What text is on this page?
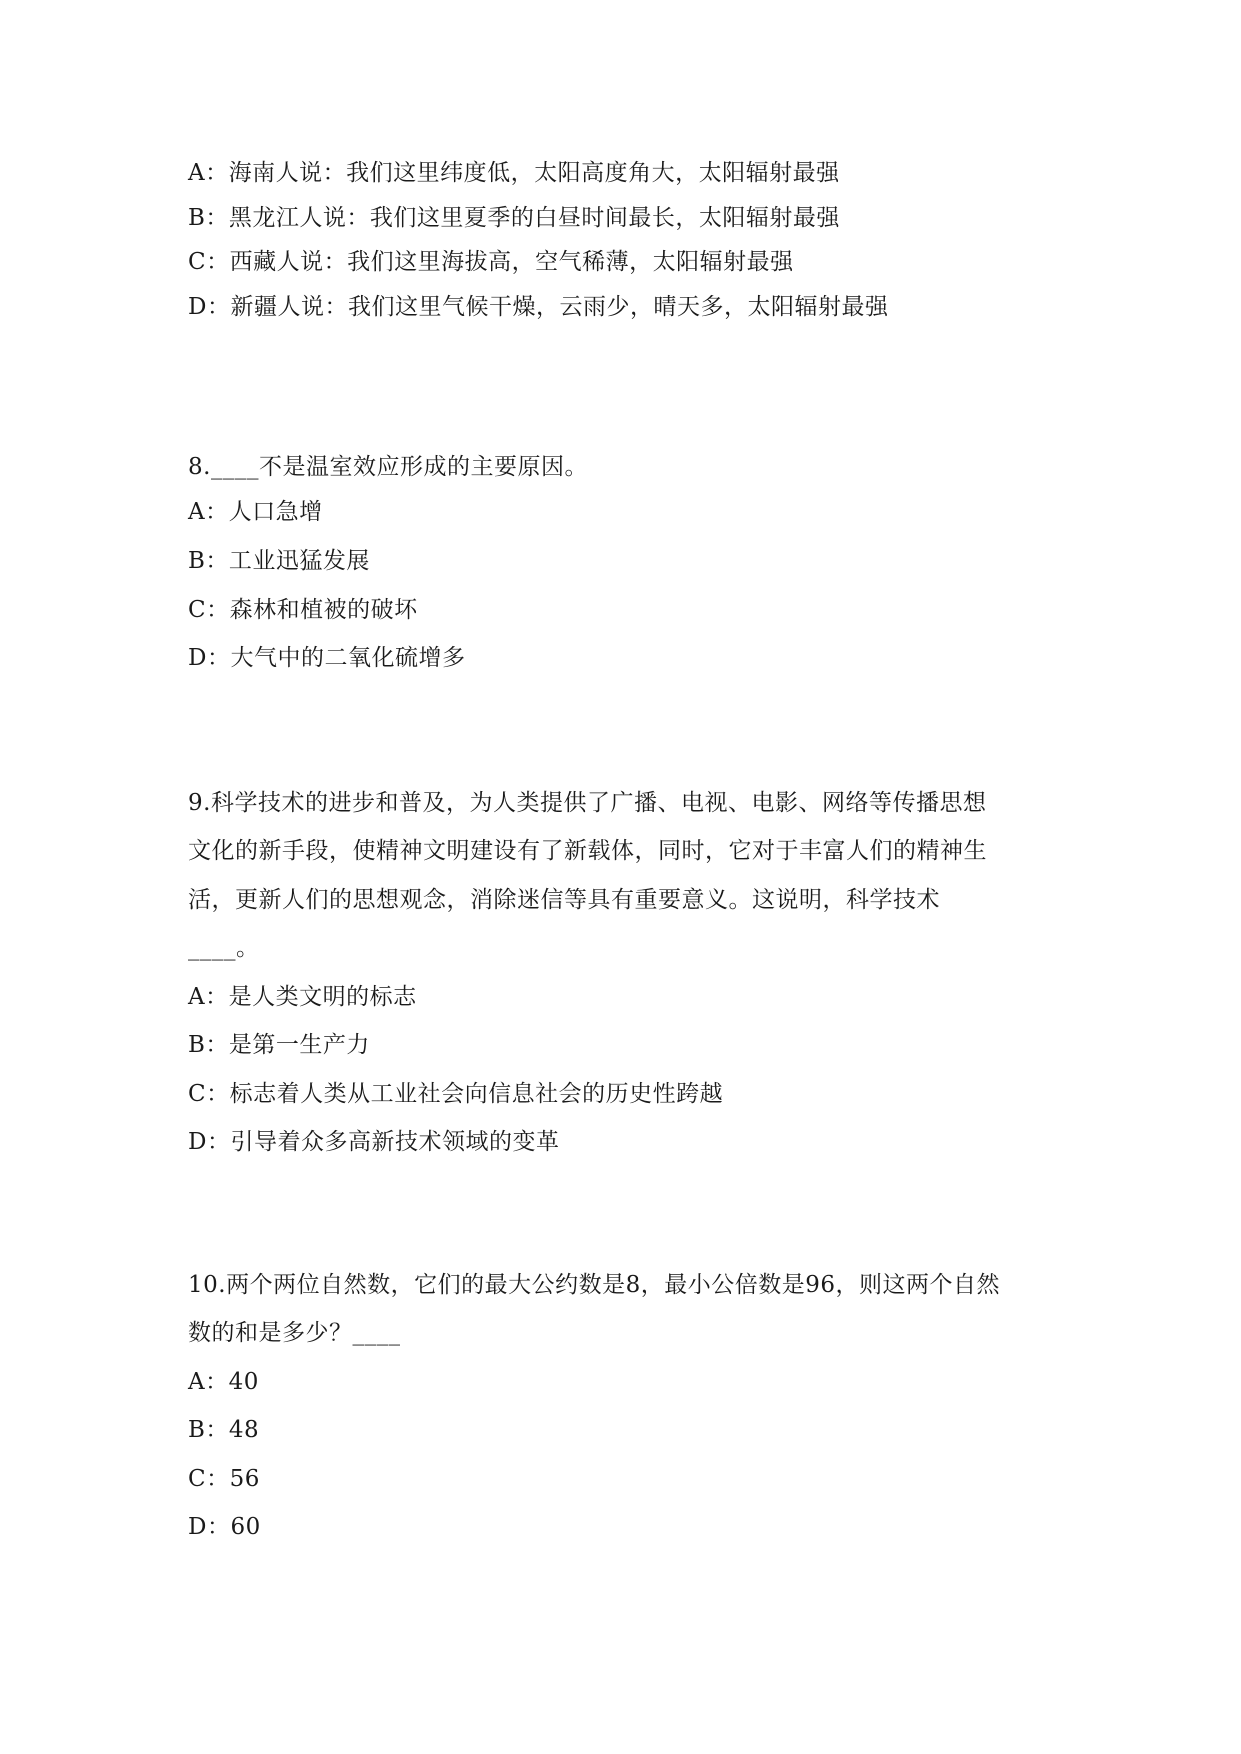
A：海南人说：我们这里纬度低，太阳高度角大，太阳辐射最强
B：黑龙江人说：我们这里夏季的白昼时间最长，太阳辐射最强
C：西藏人说：我们这里海拔高，空气稀薄，太阳辐射最强
D：新疆人说：我们这里气候干燥，云雨少，晴天多，太阳辐射最强
8.____不是温室效应形成的主要原因。
A：人口急增
B：工业迅猛发展
C：森林和植被的破坏
D：大气中的二氧化硫增多
9.科学技术的进步和普及，为人类提供了广播、电视、电影、网络等传播思想
文化的新手段，使精神文明建设有了新载体，同时，它对于丰富人们的精神生
活，更新人们的思想观念，消除迷信等具有重要意义。这说明，科学技术
____。
A：是人类文明的标志
B：是第一生产力
C：标志着人类从工业社会向信息社会的历史性跨越
D：引导着众多高新技术领域的变革
10.两个两位自然数，它们的最大公约数是8，最小公倍数是96，则这两个自然
数的和是多少？____
A：40
B：48
C：56
D：60
